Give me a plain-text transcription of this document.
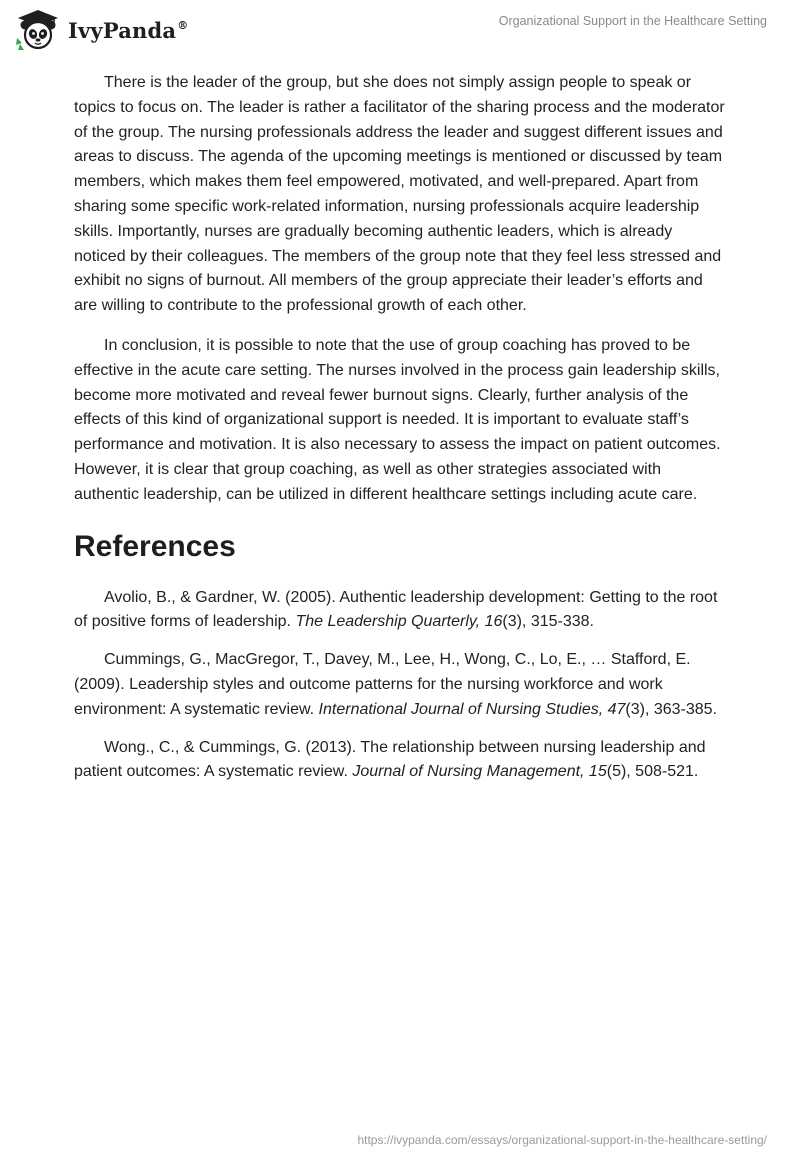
IvyPanda®	Organizational Support in the Healthcare Setting

There is the leader of the group, but she does not simply assign people to speak or topics to focus on. The leader is rather a facilitator of the sharing process and the moderator of the group. The nursing professionals address the leader and suggest different issues and areas to discuss. The agenda of the upcoming meetings is mentioned or discussed by team members, which makes them feel empowered, motivated, and well-prepared. Apart from sharing some specific work-related information, nursing professionals acquire leadership skills. Importantly, nurses are gradually becoming authentic leaders, which is already noticed by their colleagues. The members of the group note that they feel less stressed and exhibit no signs of burnout. All members of the group appreciate their leader’s efforts and are willing to contribute to the professional growth of each other.

In conclusion, it is possible to note that the use of group coaching has proved to be effective in the acute care setting. The nurses involved in the process gain leadership skills, become more motivated and reveal fewer burnout signs. Clearly, further analysis of the effects of this kind of organizational support is needed. It is important to evaluate staff’s performance and motivation. It is also necessary to assess the impact on patient outcomes. However, it is clear that group coaching, as well as other strategies associated with authentic leadership, can be utilized in different healthcare settings including acute care.

References

Avolio, B., & Gardner, W. (2005). Authentic leadership development: Getting to the root of positive forms of leadership. The Leadership Quarterly, 16(3), 315-338.

Cummings, G., MacGregor, T., Davey, M., Lee, H., Wong, C., Lo, E., … Stafford, E. (2009). Leadership styles and outcome patterns for the nursing workforce and work environment: A systematic review. International Journal of Nursing Studies, 47(3), 363-385.

Wong., C., & Cummings, G. (2013). The relationship between nursing leadership and patient outcomes: A systematic review. Journal of Nursing Management, 15(5), 508-521.

https://ivypanda.com/essays/organizational-support-in-the-healthcare-setting/
